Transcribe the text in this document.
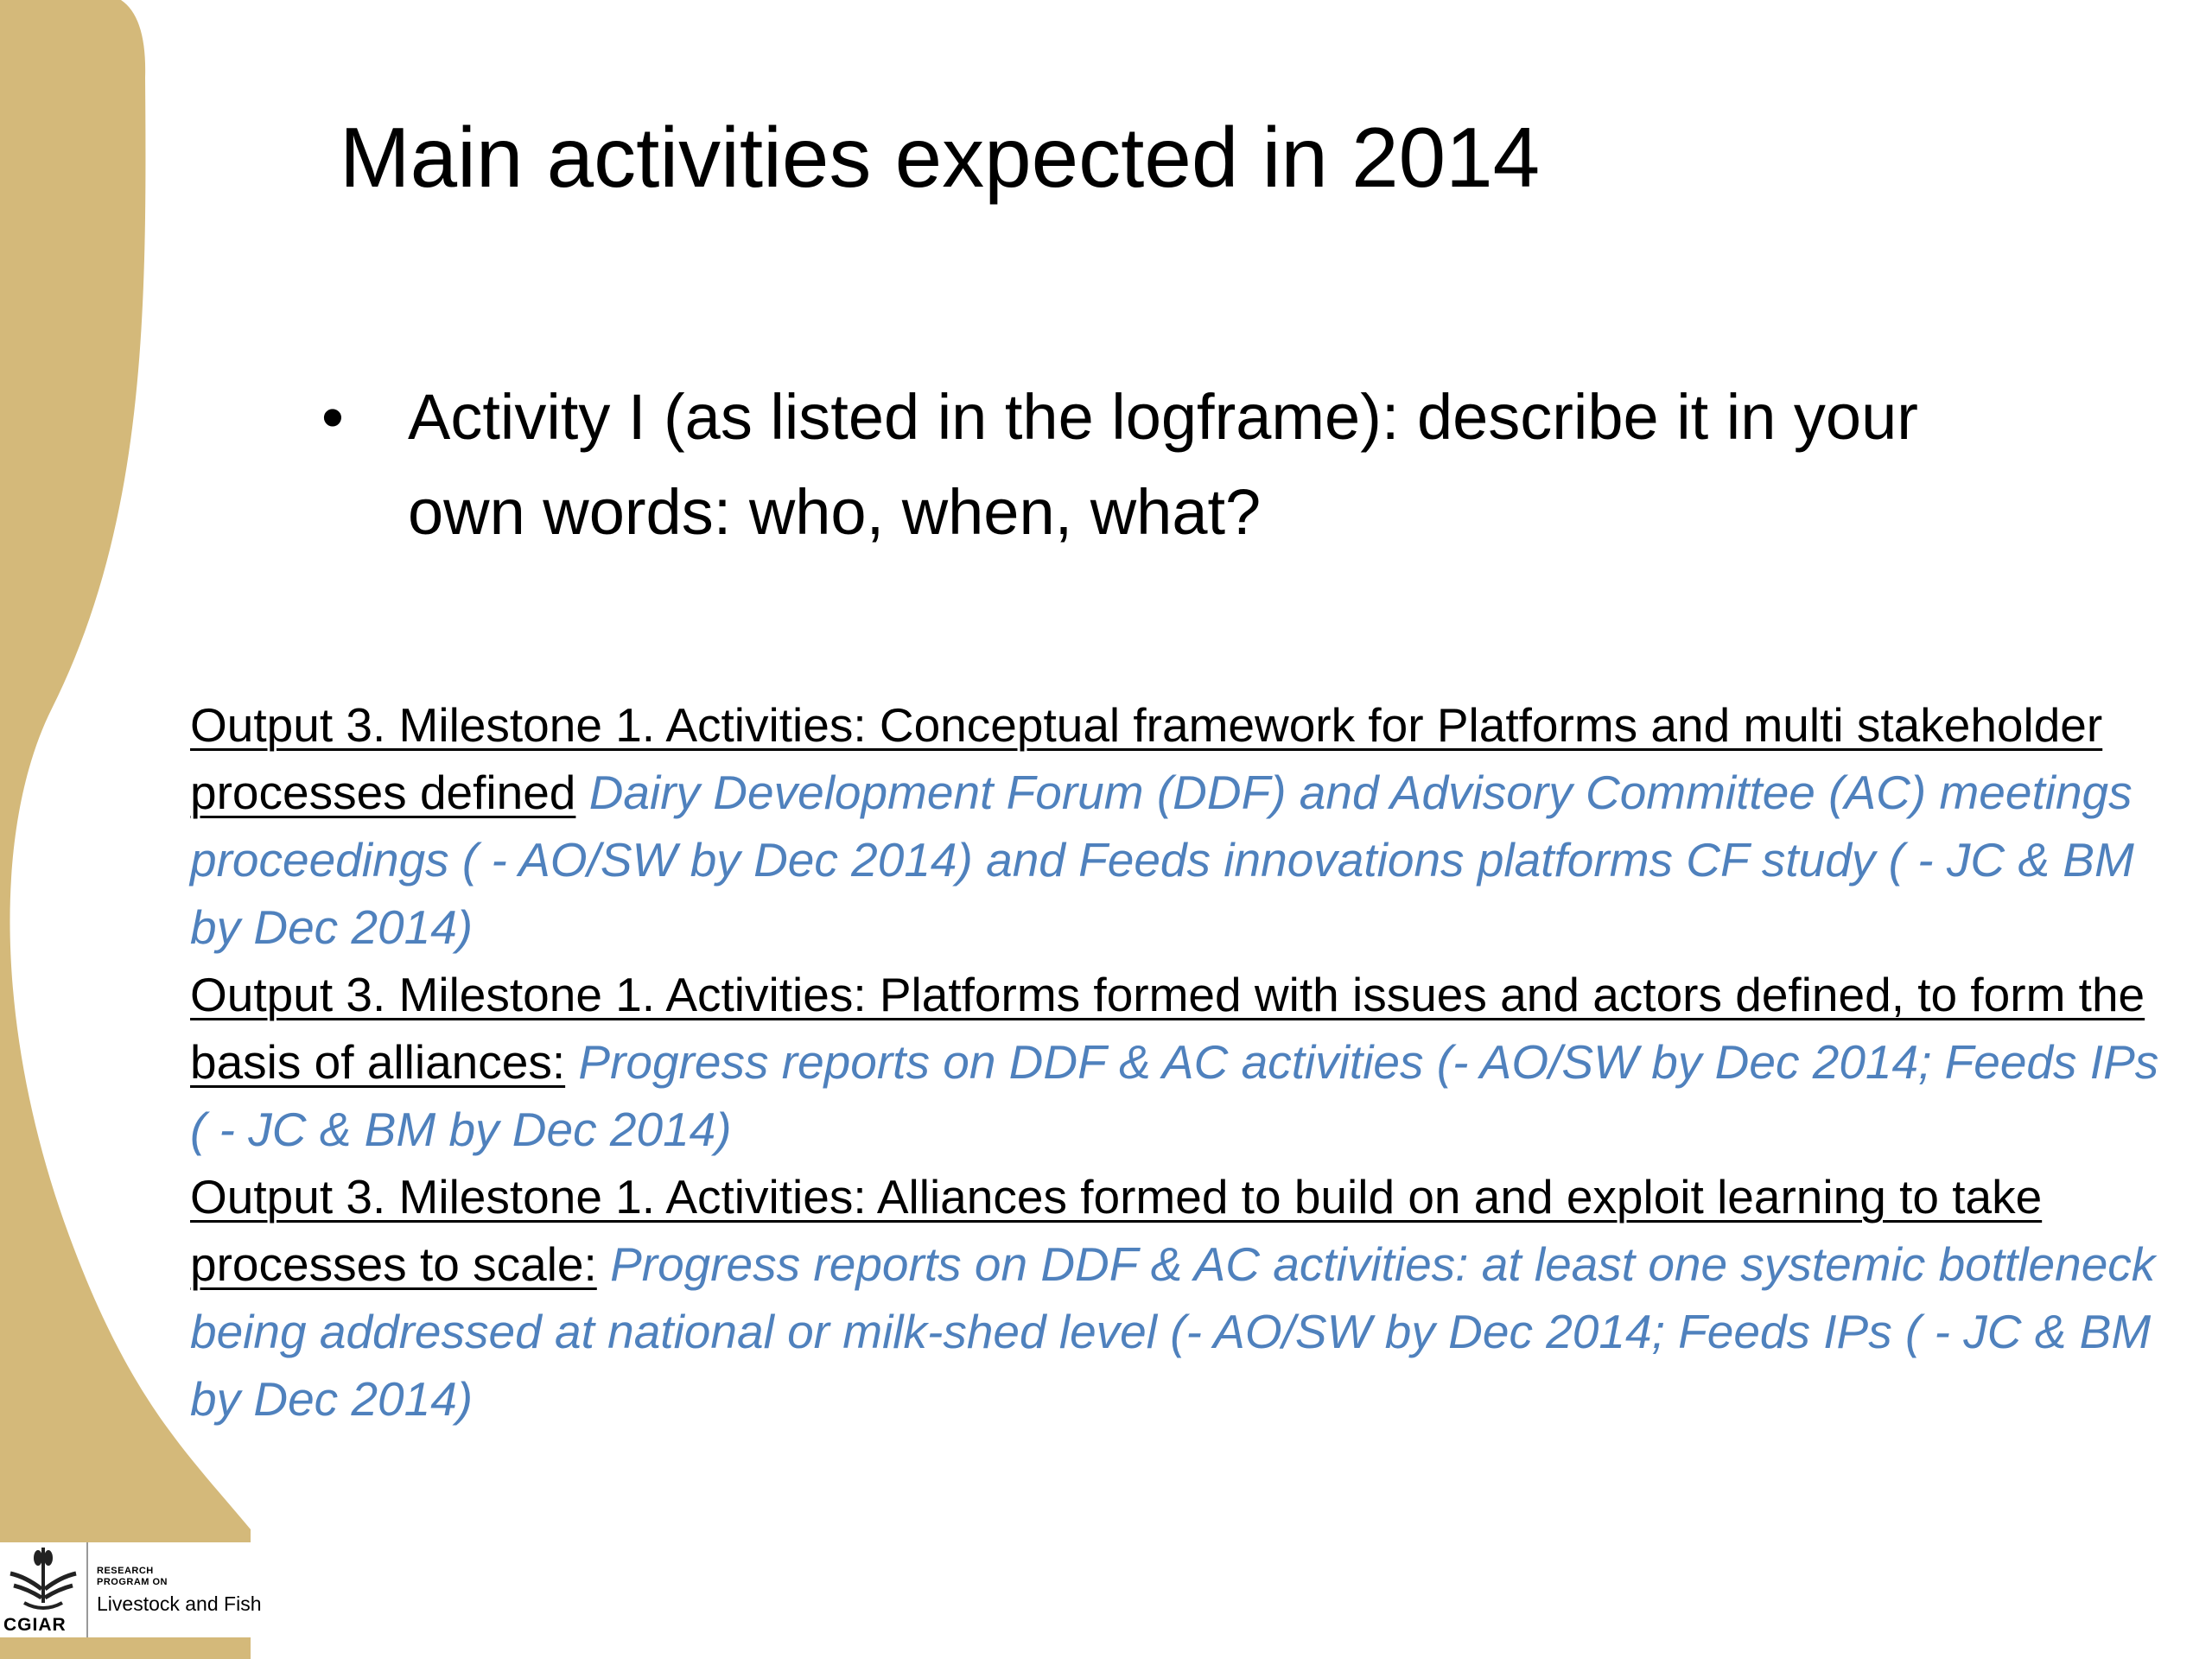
Main activities expected in 2014
•	Activity I (as listed in the logframe): describe it in your own words: who, when, what?
Output 3. Milestone 1. Activities: Conceptual framework for Platforms and multi stakeholder processes defined Dairy Development Forum (DDF) and Advisory Committee (AC) meetings proceedings ( - AO/SW by Dec 2014) and Feeds innovations platforms CF study ( - JC & BM by Dec 2014)
Output 3. Milestone 1. Activities: Platforms formed with issues and actors defined, to form the basis of alliances: Progress reports on DDF & AC activities (- AO/SW by Dec 2014; Feeds IPs ( - JC & BM by Dec 2014)
Output 3. Milestone 1. Activities: Alliances formed to build on and exploit learning to take processes to scale: Progress reports on DDF & AC activities: at least one systemic bottleneck being addressed at national or milk-shed level (- AO/SW by Dec 2014; Feeds IPs ( - JC & BM by Dec 2014)
CGIAR
RESEARCH
PROGRAM ON
Livestock and Fish
